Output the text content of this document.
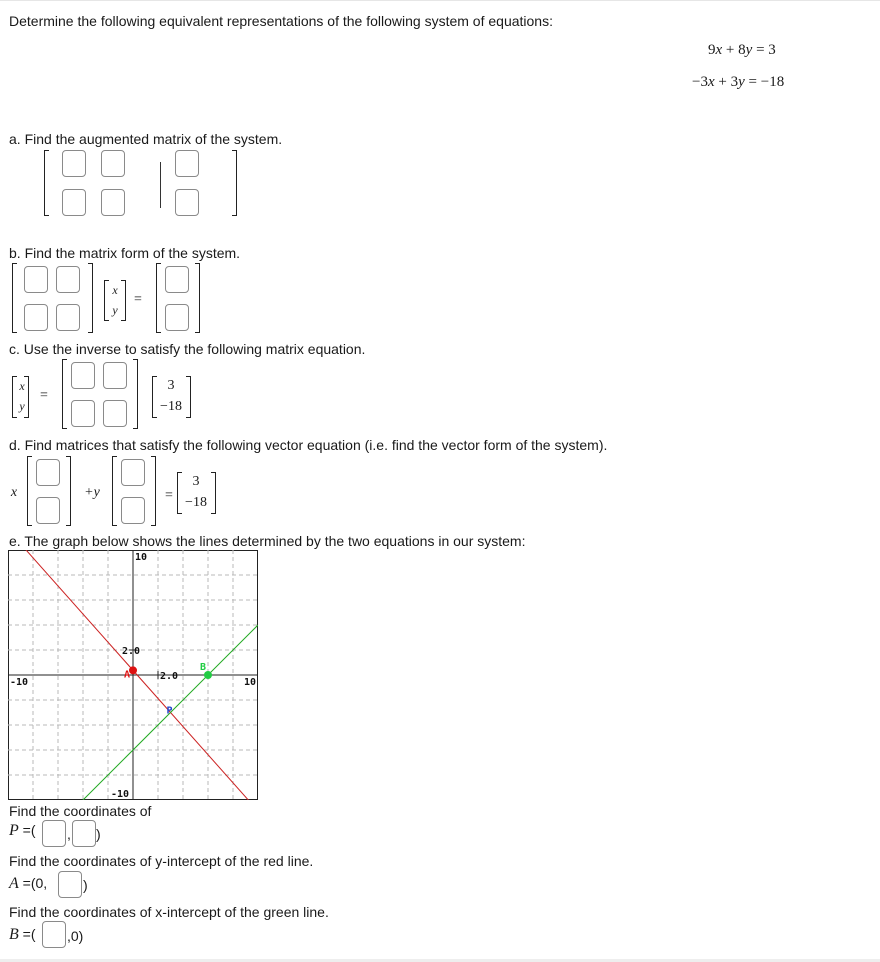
Determine the following equivalent representations of the following system of equations:
9x + 8y = 3
−3x + 3y = −18
a. Find the augmented matrix of the system.
b. Find the matrix form of the system.
x
y
=
c. Use the inverse to satisfy the following matrix equation.
x
y
=
3
−18
d. Find matrices that satisfy the following vector equation (i.e. find the vector form of the system).
x	+y	=
3
−18
e. The graph below shows the lines determined by the two equations in our system:
-10	10
10
-10
2.0
2.0
A
B
P
Find the coordinates of
P =( , )
Find the coordinates of y-intercept of the red line.
A =(0,	)
Find the coordinates of x-intercept of the green line.
B =( ,0)
